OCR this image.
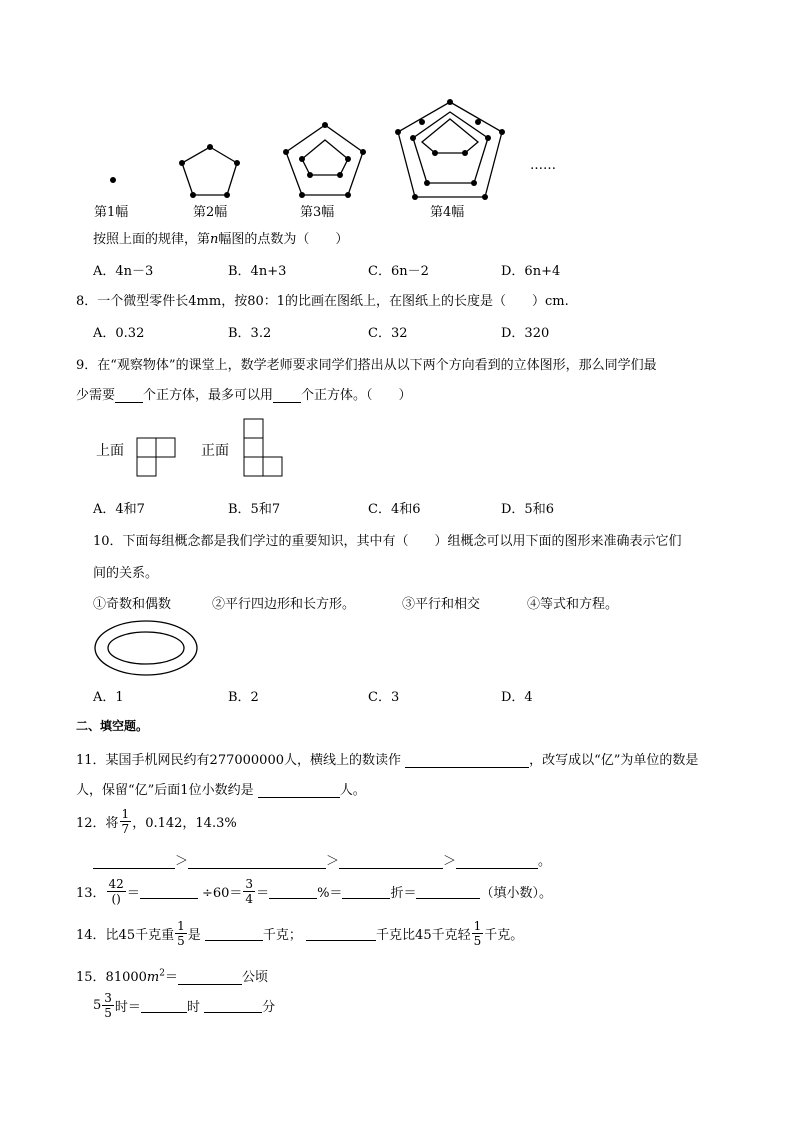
……
第1幅	第2幅	第3幅	第4幅
按照上面的规律，第n幅图的点数为（　　）
A．4n－3	B．4n+3	C．6n－2	D．6n+4
8．一个微型零件长4mm，按80：1的比画在图纸上，在图纸上的长度是（　　）cm.
A．0.32	B．3.2	C．32	D．320
9．在“观察物体”的课堂上，数学老师要求同学们搭出从以下两个方向看到的立体图形，那么同学们最
少需要 个正方体，最多可以用 个正方体。（　　）
上面	正面
A．4和7	B．5和7	C．4和6	D．5和6
10．下面每组概念都是我们学过的重要知识，其中有（　　）组概念可以用下面的图形来准确表示它们
间的关系。
①奇数和偶数	②平行四边形和长方形。	③平行和相交	④等式和方程。
A．1	B．2	C．3	D．4
二、填空题。
11．某国手机网民约有277000000人，横线上的数读作	，改写成以“亿”为单位的数是
人，保留“亿”后面1位小数约是	人。
12．将 $\frac{1}{7}$ ，0.142，14.3%
＞	＞	＞	。
13． $\frac{42}{()}$ ＝	$\div 60= \frac{3}{4}$ ＝	%＝	折＝	（填小数）。
14．比45千克重 $\frac{1}{5}$ 是	千克；	千克比45千克轻 $\frac{1}{5}$ 千克。
15．$81000m^2=$	公顷
$5 \frac{3}{5}$ 时＝	时	分
